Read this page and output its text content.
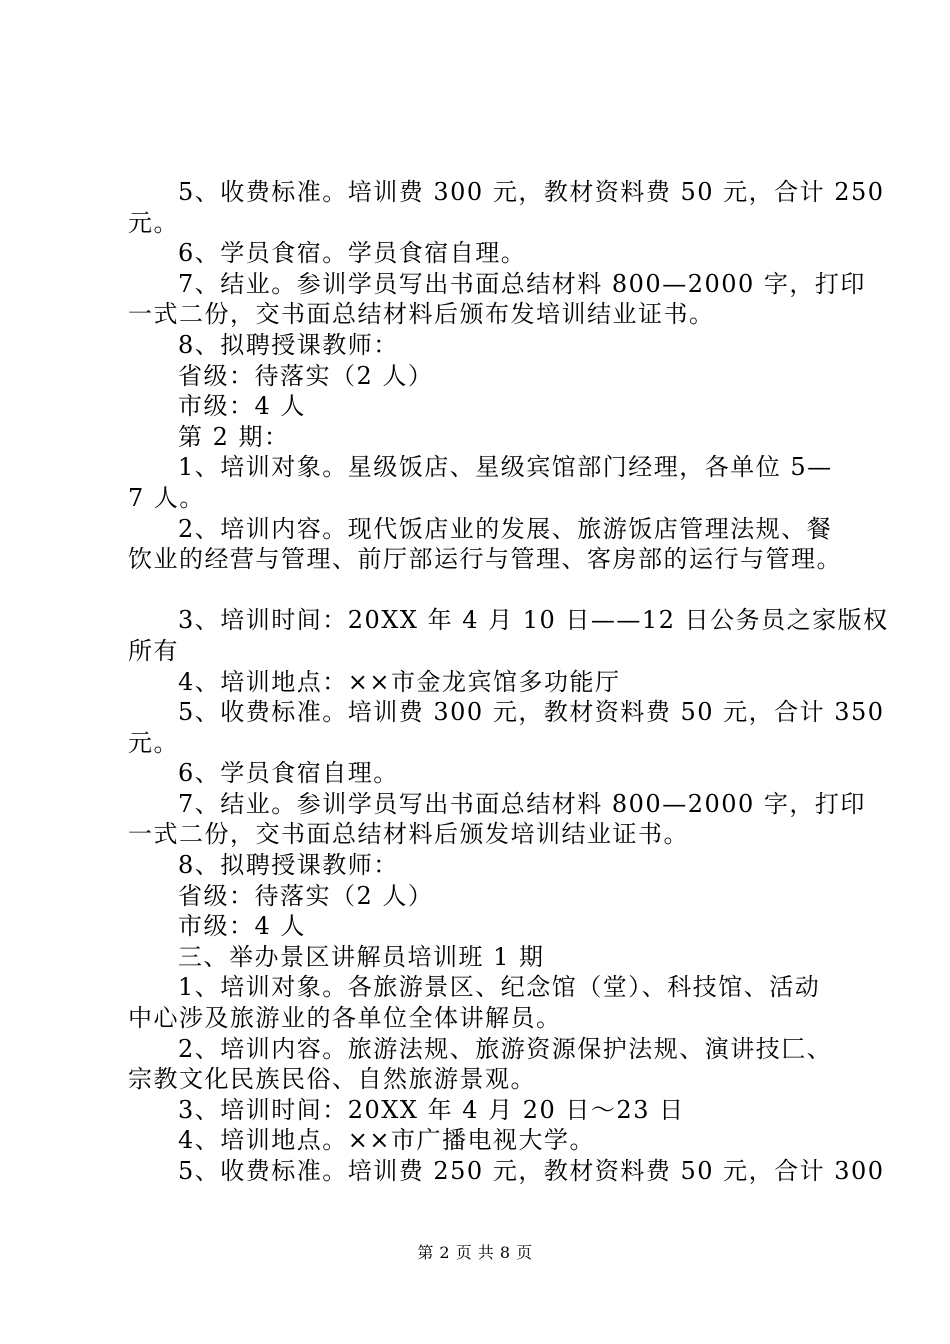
5、收费标准。培训费 300 元，教材资料费 50 元，合计 250
元。
6、学员食宿。学员食宿自理。
7、结业。参训学员写出书面总结材料 800—2000 字，打印
一式二份，交书面总结材料后颁布发培训结业证书。
8、拟聘授课教师：
省级：待落实（2 人）
市级：4 人
第 2 期：
1、培训对象。星级饭店、星级宾馆部门经理，各单位 5—
7 人。
2、培训内容。现代饭店业的发展、旅游饭店管理法规、餐
饮业的经营与管理、前厅部运行与管理、客房部的运行与管理。
3、培训时间：20XX 年 4 月 10 日——12 日公务员之家版权
所有
4、培训地点：××市金龙宾馆多功能厅
5、收费标准。培训费 300 元，教材资料费 50 元，合计 350
元。
6、学员食宿自理。
7、结业。参训学员写出书面总结材料 800—2000 字，打印
一式二份，交书面总结材料后颁发培训结业证书。
8、拟聘授课教师：
省级：待落实（2 人）
市级：4 人
三、举办景区讲解员培训班 1 期
1、培训对象。各旅游景区、纪念馆（堂）、科技馆、活动
中心涉及旅游业的各单位全体讲解员。
2、培训内容。旅游法规、旅游资源保护法规、演讲技匚、
宗教文化民族民俗、自然旅游景观。
3、培训时间：20XX 年 4 月 20 日～23 日
4、培训地点。××市广播电视大学。
5、收费标准。培训费 250 元，教材资料费 50 元，合计 300
第 2 页 共 8 页
